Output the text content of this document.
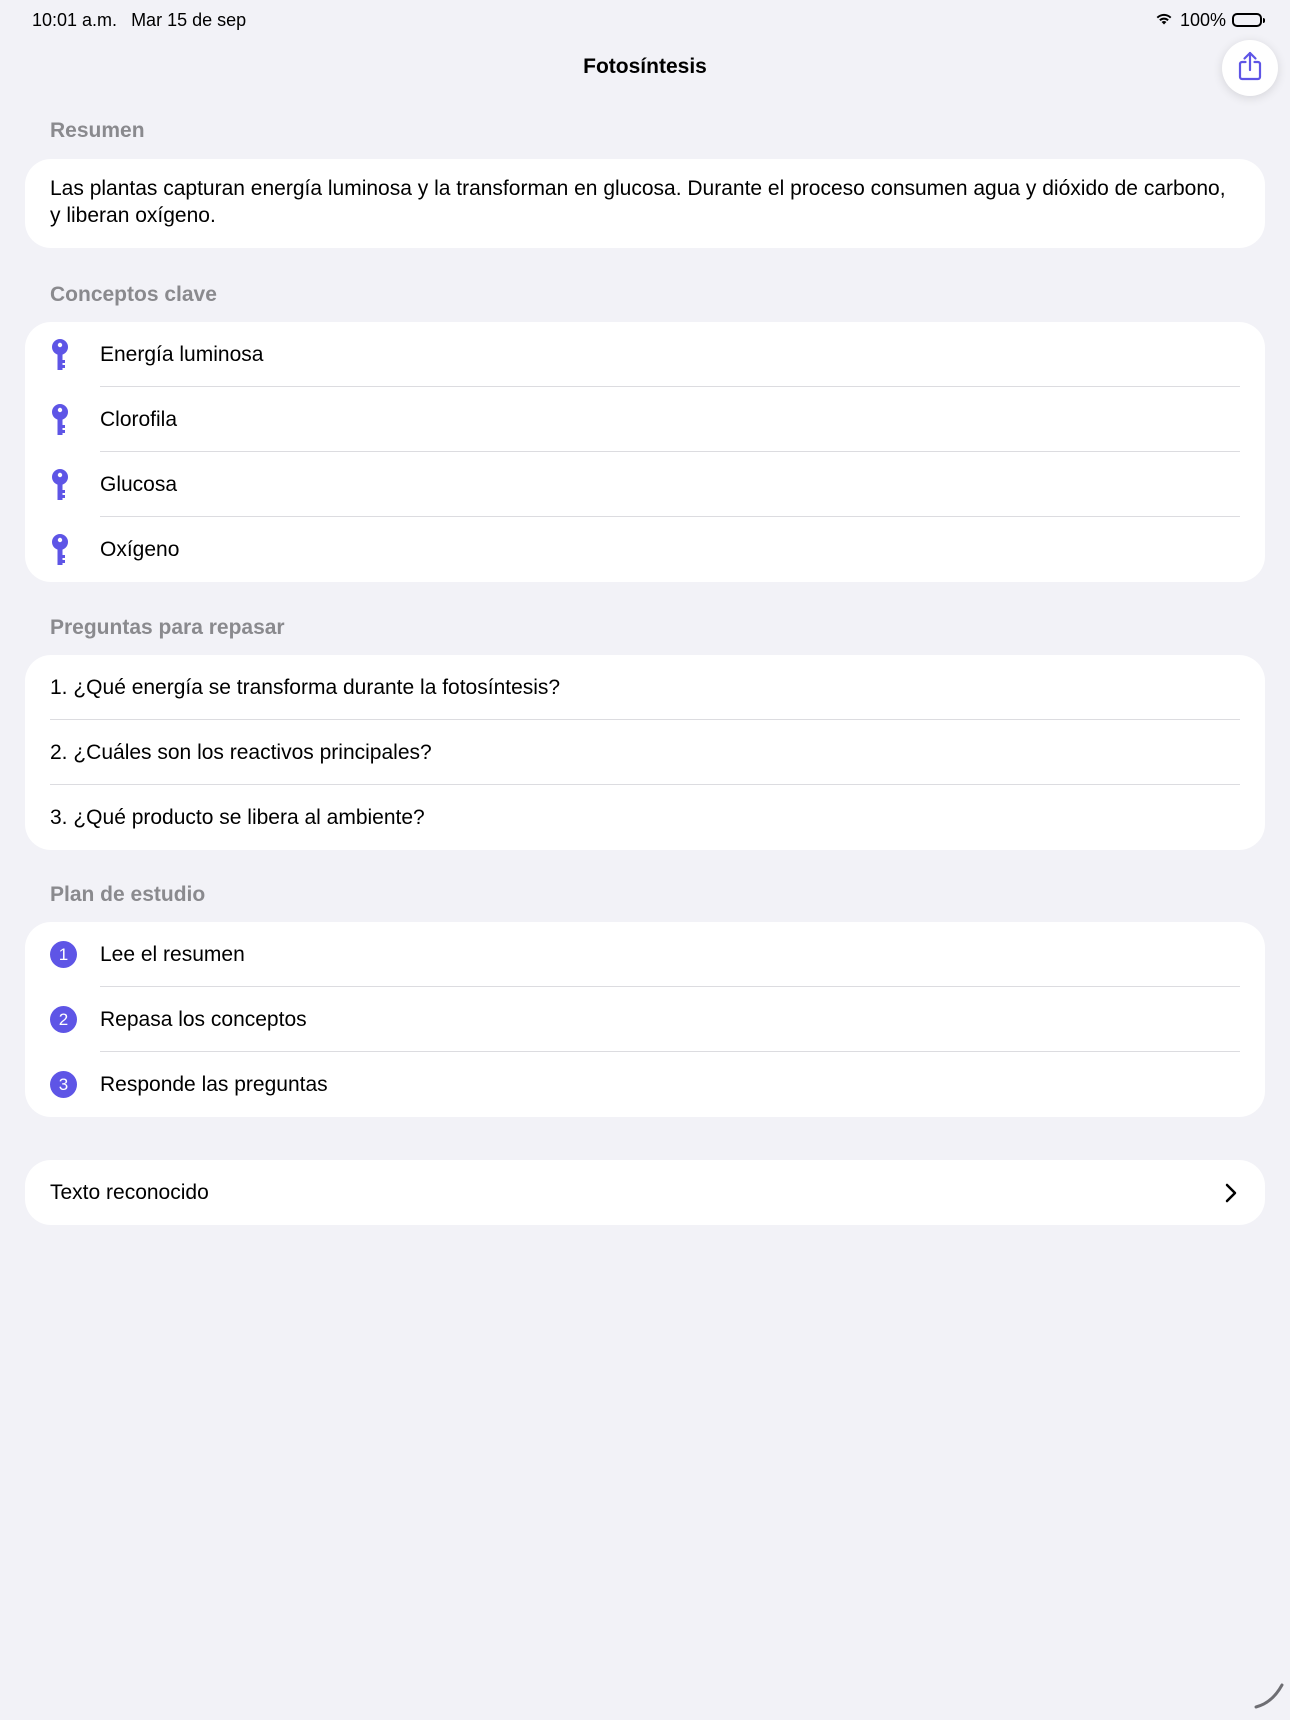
10:01 a.m. Mar 15 de sep	100%
Fotosíntesis
Resumen
Las plantas capturan energía luminosa y la transforman en glucosa. Durante el proceso consumen agua y dióxido de carbono, y liberan oxígeno.
Conceptos clave
Energía luminosa
Clorofila
Glucosa
Oxígeno
Preguntas para repasar
1. ¿Qué energía se transforma durante la fotosíntesis?
2. ¿Cuáles son los reactivos principales?
3. ¿Qué producto se libera al ambiente?
Plan de estudio
1	Lee el resumen
2	Repasa los conceptos
3	Responde las preguntas
Texto reconocido
